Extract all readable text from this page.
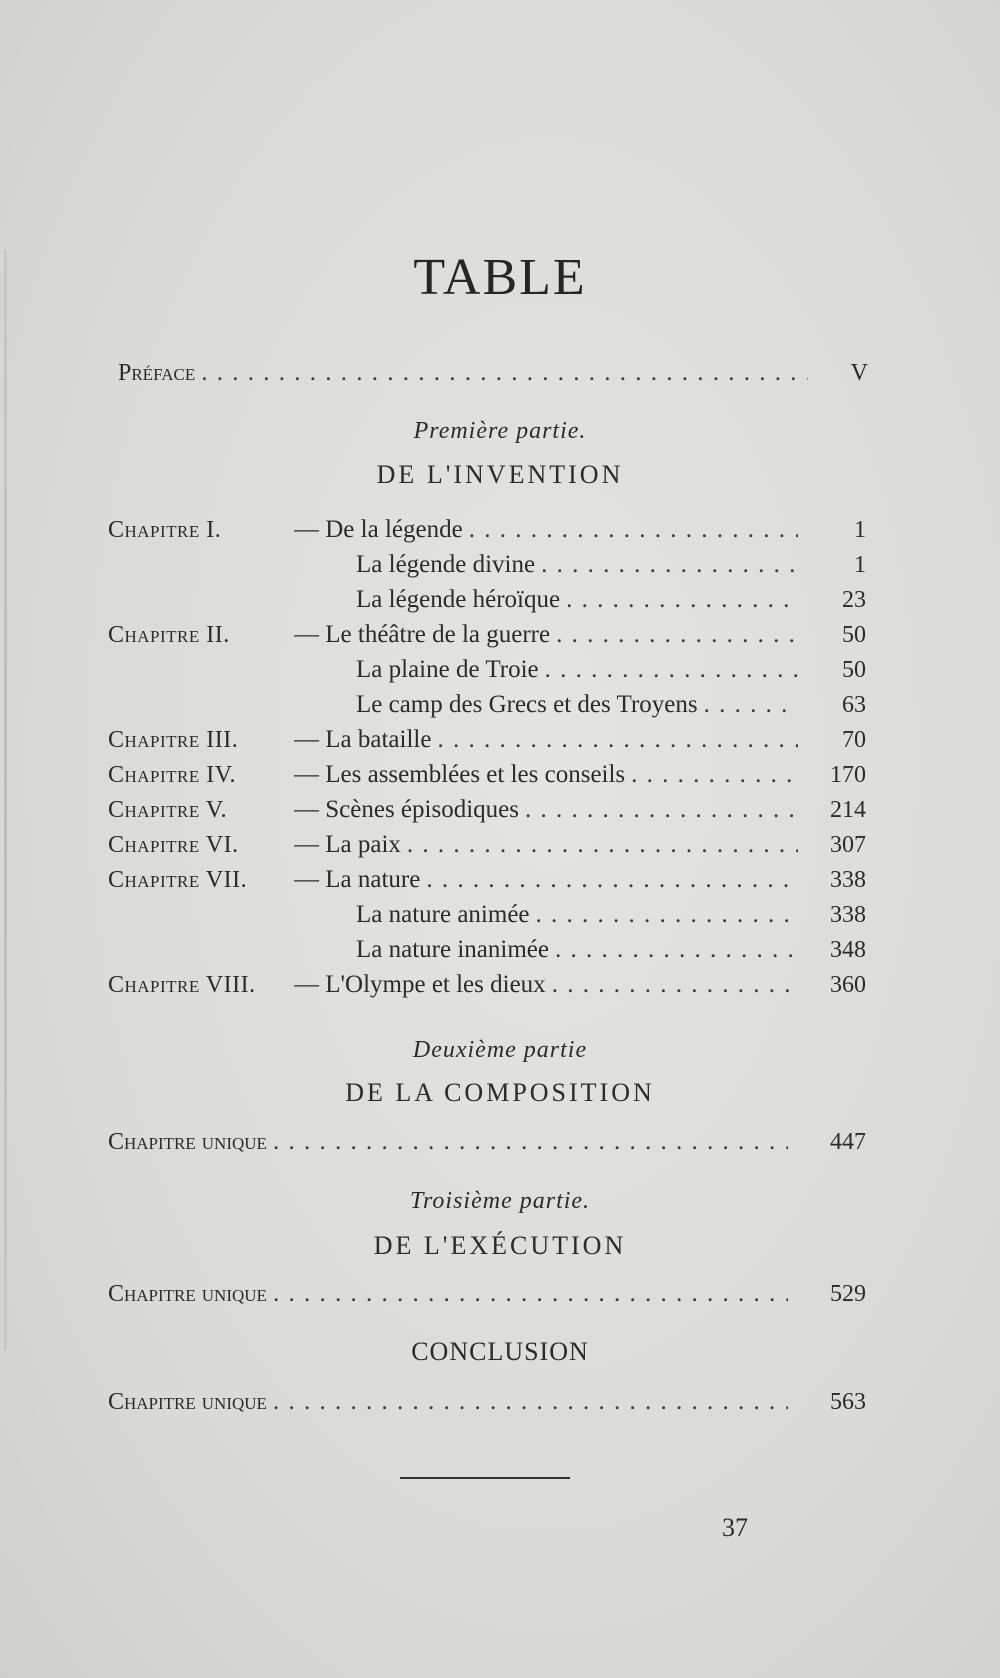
TABLE
Préface . . .	V
Première partie.
DE L'INVENTION
Chapitre I.	— De la légende . . .	1
La légende divine . . .	1
La légende héroïque . . .	23
Chapitre II.	— Le théâtre de la guerre . . .	50
La plaine de Troie . . .	50
Le camp des Grecs et des Troyens . . .	63
Chapitre III.	— La bataille . . .	70
Chapitre IV.	— Les assemblées et les conseils . . .	170
Chapitre V.	— Scènes épisodiques . . .	214
Chapitre VI.	— La paix . . .	307
Chapitre VII.	— La nature . . .	338
La nature animée . . .	338
La nature inanimée . . .	348
Chapitre VIII.	— L'Olympe et les dieux . . .	360
Deuxième partie
DE LA COMPOSITION
Chapitre unique . . .	447
Troisième partie.
DE L'EXÉCUTION
Chapitre unique . . .	529
CONCLUSION
Chapitre unique . . .	563
37
